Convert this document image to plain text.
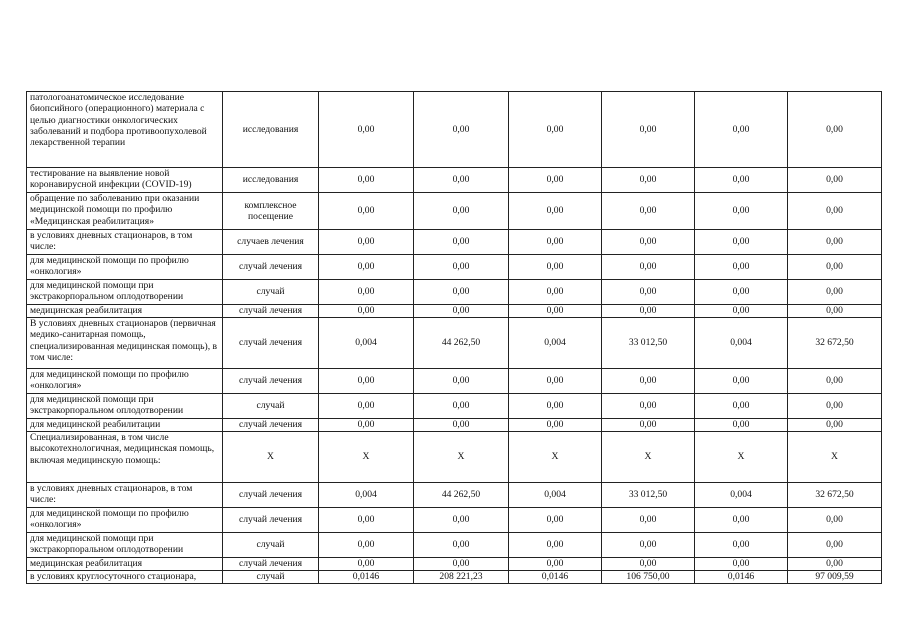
патологоанатомическое исследование биопсийного (операционного) материала с целью диагностики онкологических заболеваний и подбора противоопухолевой лекарственной терапии	исследования	0,00	0,00	0,00	0,00	0,00	0,00
тестирование на выявление новой коронавирусной инфекции (COVID-19)	исследования	0,00	0,00	0,00	0,00	0,00	0,00
обращение по заболеванию при оказании медицинской помощи по профилю «Медицинская реабилитация»	комплексное посещение	0,00	0,00	0,00	0,00	0,00	0,00
в условиях дневных стационаров, в том числе:	случаев лечения	0,00	0,00	0,00	0,00	0,00	0,00
для медицинской помощи по профилю «онкология»	случай лечения	0,00	0,00	0,00	0,00	0,00	0,00
для медицинской помощи при экстракорпоральном оплодотворении	случай	0,00	0,00	0,00	0,00	0,00	0,00
медицинская реабилитация	случай лечения	0,00	0,00	0,00	0,00	0,00	0,00
В условиях дневных стационаров (первичная медико-санитарная помощь, специализированная медицинская помощь), в том числе:	случай лечения	0,004	44 262,50	0,004	33 012,50	0,004	32 672,50
для медицинской помощи по профилю «онкология»	случай лечения	0,00	0,00	0,00	0,00	0,00	0,00
для медицинской помощи при экстракорпоральном оплодотворении	случай	0,00	0,00	0,00	0,00	0,00	0,00
для медицинской реабилитации	случай лечения	0,00	0,00	0,00	0,00	0,00	0,00
Специализированная, в том числе высокотехнологичная, медицинская помощь, включая медицинскую помощь:	Х	Х	Х	Х	Х	Х	Х
в условиях дневных стационаров, в том числе:	случай лечения	0,004	44 262,50	0,004	33 012,50	0,004	32 672,50
для медицинской помощи по профилю «онкология»	случай лечения	0,00	0,00	0,00	0,00	0,00	0,00
для медицинской помощи при экстракорпоральном оплодотворении	случай	0,00	0,00	0,00	0,00	0,00	0,00
медицинская реабилитация	случай лечения	0,00	0,00	0,00	0,00	0,00	0,00
в условиях круглосуточного стационара,	случай	0,0146	208 221,23	0,0146	106 750,00	0,0146	97 009,59
